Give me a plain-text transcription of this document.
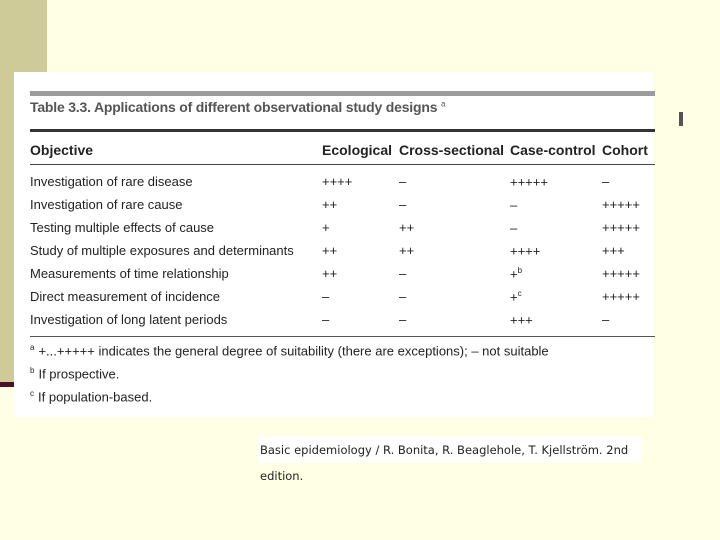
Table 3.3. Applications of different observational study designs $^a$
Objective	Ecological Cross-sectional Case-control Cohort
Investigation of rare disease	++++	–	+++++	–
Investigation of rare cause	++	–	–	+++++
Testing multiple effects of cause	+	++	–	+++++
Study of multiple exposures and determinants ++	++	++++	+++
Measurements of time relationship	++	–	+$^b$	+++++
Direct measurement of incidence	–	–	+$^c$	+++++
Investigation of long latent periods	–	–	+++	–
$^a$ +...+++++ indicates the general degree of suitability (there are exceptions); – not suitable
$^b$ If prospective.
$^c$ If population-based.
Basic epidemiology / R. Bonita, R. Beaglehole, T. Kjellström. 2nd edition.
